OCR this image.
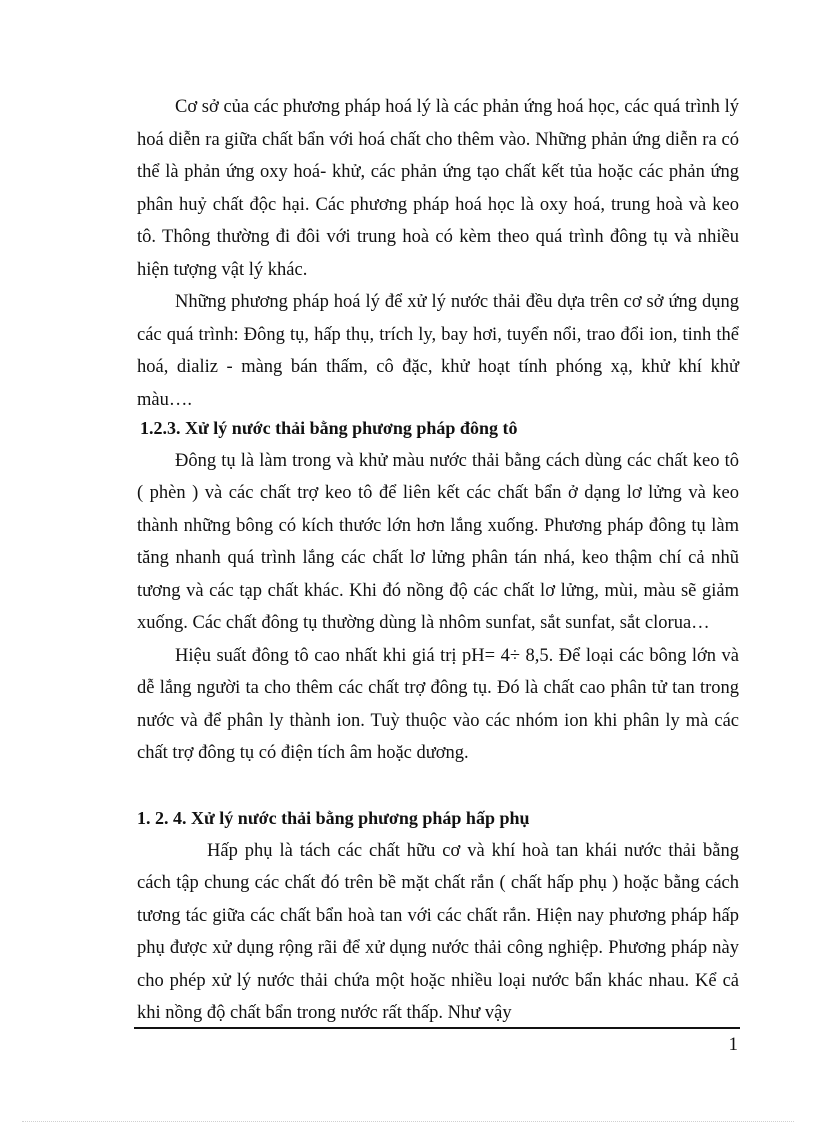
Cơ sở của các phương pháp hoá lý là các phản ứng hoá học, các quá trình lý hoá diễn ra giữa chất bẩn với hoá chất cho thêm vào. Những phản ứng diễn ra có thể là phản ứng oxy hoá- khử, các phản ứng tạo chất kết tủa hoặc các phản ứng phân huỷ chất độc hại. Các phương pháp hoá học là oxy hoá, trung hoà và keo tô. Thông thường đi đôi với trung hoà có kèm theo quá trình đông tụ và nhiều hiện tượng vật lý khác.

Những phương pháp hoá lý để xử lý nước thải đều dựa trên cơ sở ứng dụng các quá trình: Đông tụ, hấp thụ, trích ly, bay hơi, tuyển nổi, trao đổi ion, tinh thể hoá, dializ - màng bán thấm, cô đặc, khử hoạt tính phóng xạ, khử khí khử màu….

1.2.3. Xử lý nước thải bằng phương pháp đông tô

Đông tụ là làm trong và khử màu nước thải bằng cách dùng các chất keo tô ( phèn ) và các chất trợ keo tô để liên kết các chất bẩn ở dạng lơ lửng và keo thành những bông có kích thước lớn hơn lắng xuống. Phương pháp đông tụ làm tăng nhanh quá trình lắng các chất lơ lửng phân tán nhá, keo thậm chí cả nhũ tương và các tạp chất khác. Khi đó nồng độ các chất lơ lửng, mùi, màu sẽ giảm xuống. Các chất đông tụ thường dùng là nhôm sunfat, sắt sunfat, sắt clorua…

Hiệu suất đông tô cao nhất khi giá trị pH= 4÷ 8,5. Để loại các bông lớn và dễ lắng người ta cho thêm các chất trợ đông tụ. Đó là chất cao phân tử tan trong nước và để phân ly thành ion. Tuỳ thuộc vào các nhóm ion khi phân ly mà các chất trợ đông tụ có điện tích âm hoặc dương.

1. 2. 4. Xử lý nước thải bằng phương pháp hấp phụ

Hấp phụ là tách các chất hữu cơ và khí hoà tan khái nước thải bằng cách tập chung các chất đó trên bề mặt chất rắn ( chất hấp phụ ) hoặc bằng cách tương tác giữa các chất bẩn hoà tan với các chất rắn. Hiện nay phương pháp hấp phụ được xử dụng rộng rãi để xử dụng nước thải công nghiệp. Phương pháp này cho phép xử lý nước thải chứa một hoặc nhiều loại nước bẩn khác nhau. Kể cả khi nồng độ chất bẩn trong nước rất thấp. Như vậy

1
